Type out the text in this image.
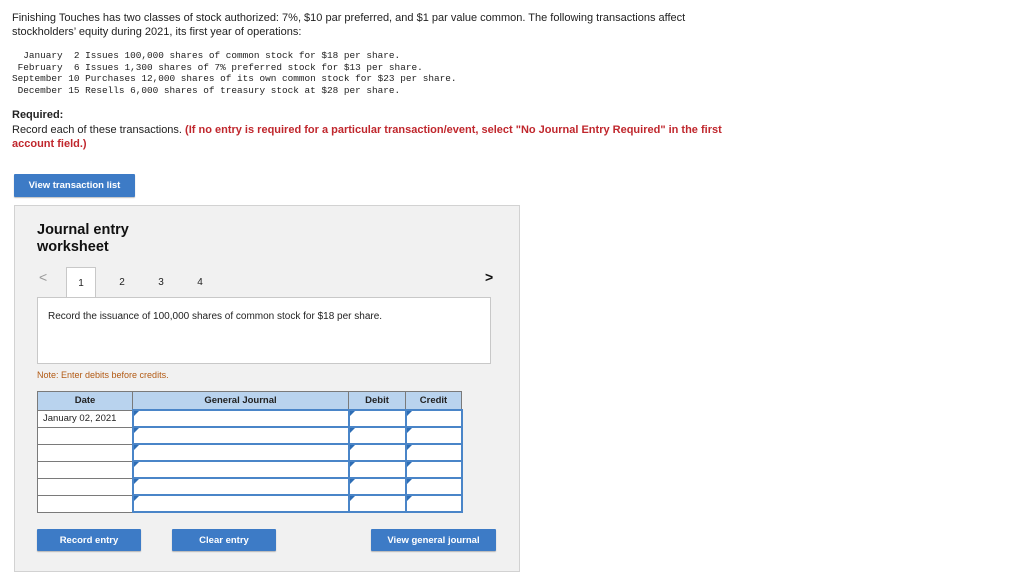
Finishing Touches has two classes of stock authorized: 7%, $10 par preferred, and $1 par value common. The following transactions affect stockholders’ equity during 2021, its first year of operations:
January  2 Issues 100,000 shares of common stock for $18 per share.
February  6 Issues 1,300 shares of 7% preferred stock for $13 per share.
September 10 Purchases 12,000 shares of its own common stock for $23 per share.
December 15 Resells 6,000 shares of treasury stock at $28 per share.
Required:
Record each of these transactions. (If no entry is required for a particular transaction/event, select "No Journal Entry Required" in the first account field.)
View transaction list
Journal entry worksheet
<	1	2	3	4	>
Record the issuance of 100,000 shares of common stock for $18 per share.
Note: Enter debits before credits.
Date	General Journal	Debit	Credit
January 02, 2021			

Record entry	Clear entry	View general journal
